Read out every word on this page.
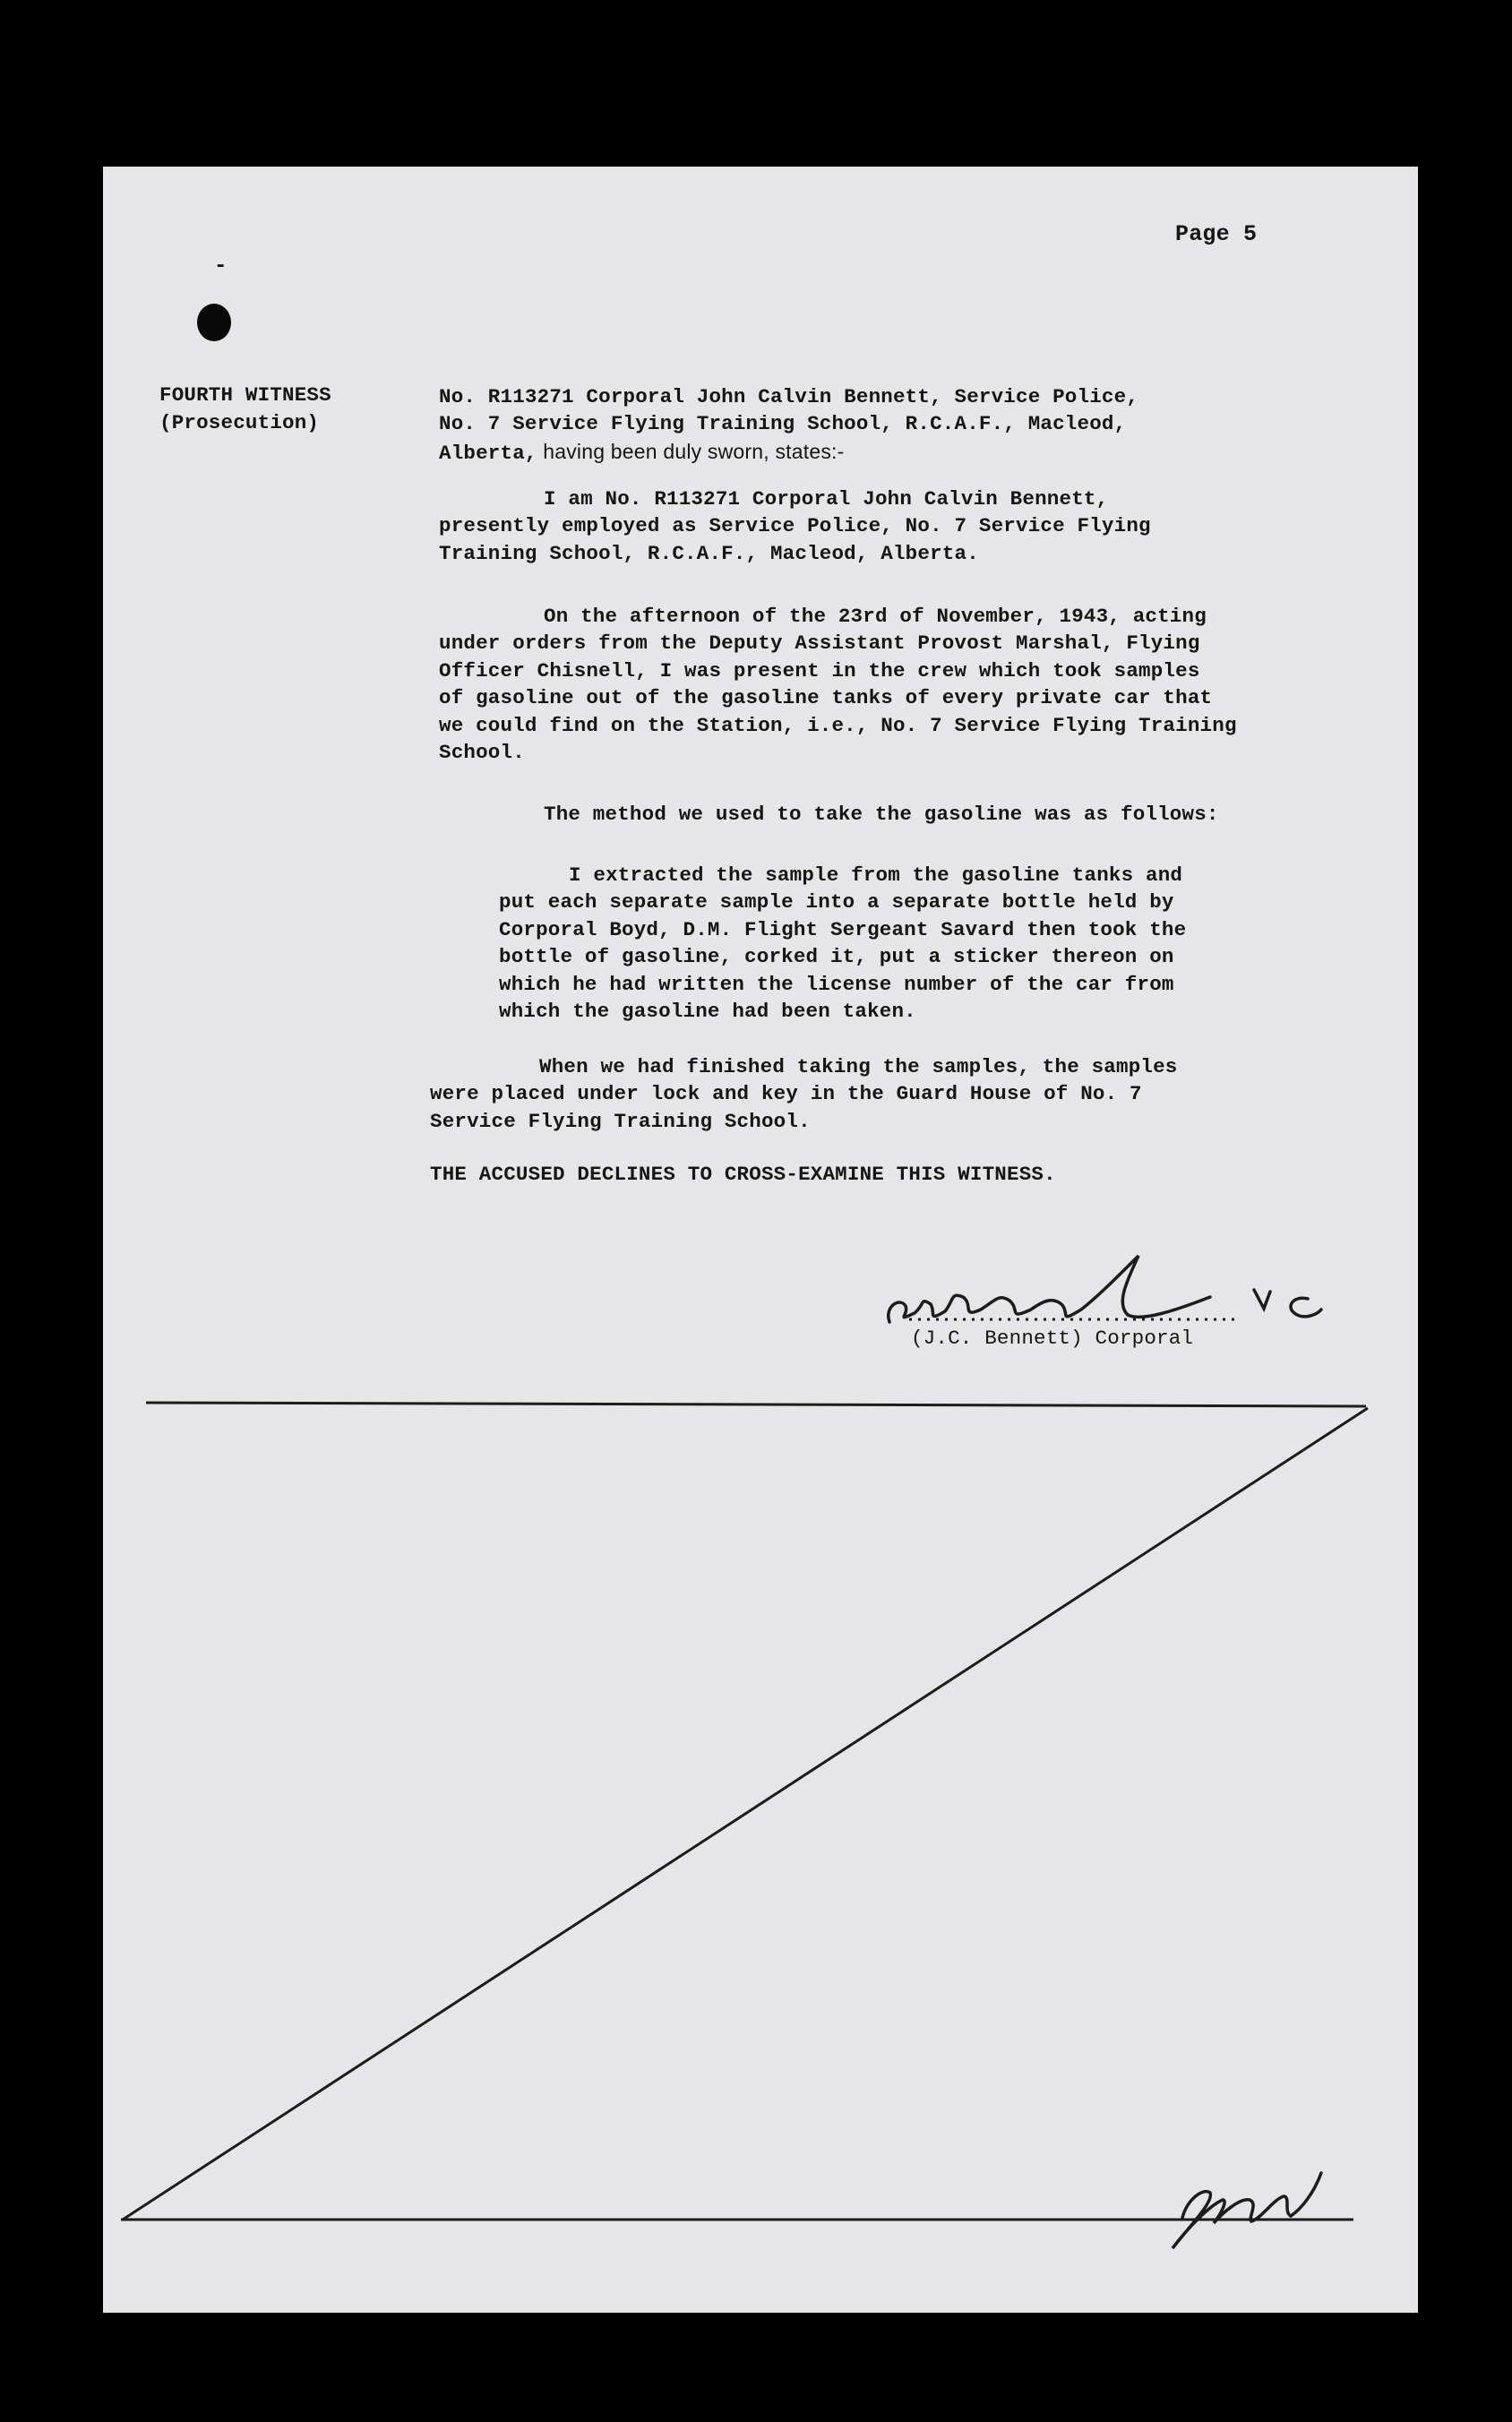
Page 5
-
FOURTH WITNESS
(Prosecution)
No. R113271 Corporal John Calvin Bennett, Service Police,
No. 7 Service Flying Training School, R.C.A.F., Macleod,
Alberta, having been duly sworn, states:-
I am No. R113271 Corporal John Calvin Bennett,
presently employed as Service Police, No. 7 Service Flying
Training School, R.C.A.F., Macleod, Alberta.
On the afternoon of the 23rd of November, 1943, acting
under orders from the Deputy Assistant Provost Marshal, Flying
Officer Chisnell, I was present in the crew which took samples
of gasoline out of the gasoline tanks of every private car that
we could find on the Station, i.e., No. 7 Service Flying Training
School.
The method we used to take the gasoline was as follows:
I extracted the sample from the gasoline tanks and
put each separate sample into a separate bottle held by
Corporal Boyd, D.M. Flight Sergeant Savard then took the
bottle of gasoline, corked it, put a sticker thereon on
which he had written the license number of the car from
which the gasoline had been taken.
When we had finished taking the samples, the samples
were placed under lock and key in the Guard House of No. 7
Service Flying Training School.
THE ACCUSED DECLINES TO CROSS-EXAMINE THIS WITNESS.
(J.C. Bennett) Corporal
